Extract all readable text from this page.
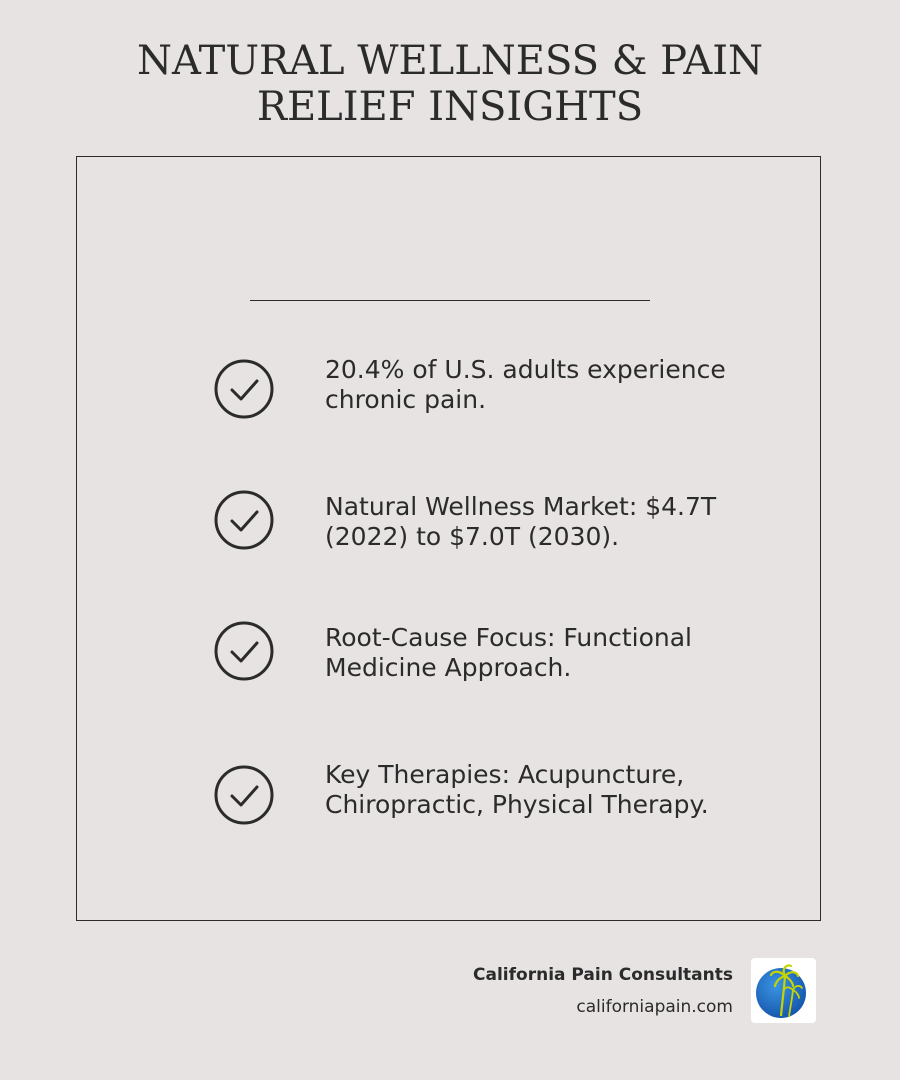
NATURAL WELLNESS & PAIN RELIEF INSIGHTS

20.4% of U.S. adults experience chronic pain.

Natural Wellness Market: $4.7T (2022) to $7.0T (2030).

Root-Cause Focus: Functional Medicine Approach.

Key Therapies: Acupuncture, Chiropractic, Physical Therapy.

California Pain Consultants
californiapain.com
